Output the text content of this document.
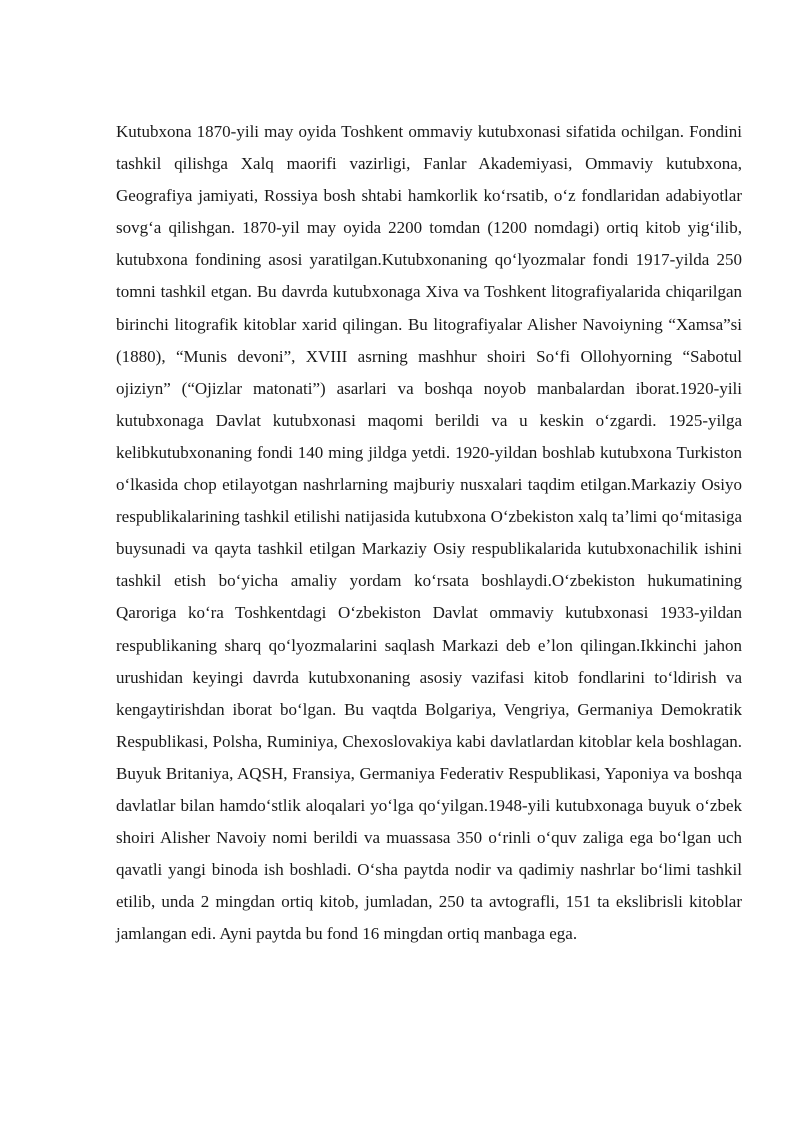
Kutubxona 1870-yili may oyida Toshkent ommaviy kutubxonasi sifatida ochilgan. Fondini tashkil qilishga Xalq maorifi vazirligi, Fanlar Akademiyasi, Ommaviy kutubxona, Geografiya jamiyati, Rossiya bosh shtabi hamkorlik koʻrsatib, oʻz fondlaridan adabiyotlar sovgʻa qilishgan. 1870-yil may oyida 2200 tomdan (1200 nomdagi) ortiq kitob yigʻilib, kutubxona fondining asosi yaratilgan.Kutubxonaning qoʻlyozmalar fondi 1917-yilda 250 tomni tashkil etgan. Bu davrda kutubxonaga Xiva va Toshkent litografiyalarida chiqarilgan birinchi litografik kitoblar xarid qilingan. Bu litografiyalar Alisher Navoiyning “Xamsa”si (1880), “Munis devoni”, XVIII asrning mashhur shoiri Soʻfi Ollohyorning “Sabotul ojiziyn” (“Ojizlar matonati”) asarlari va boshqa noyob manbalardan iborat.1920-yili kutubxonaga Davlat kutubxonasi maqomi berildi va u keskin oʻzgardi. 1925-yilga kelibkutubxonaning fondi 140 ming jildga yetdi. 1920-yildan boshlab kutubxona Turkiston oʻlkasida chop etilayotgan nashrlarning majburiy nusxalari taqdim etilgan.Markaziy Osiyo respublikalarining tashkil etilishi natijasida kutubxona Oʻzbekiston xalq taʼlimi qoʻmitasiga buysunadi va qayta tashkil etilgan Markaziy Osiy respublikalarida kutubxonachilik ishini tashkil etish boʻyicha amaliy yordam koʻrsata boshlaydi.Oʻzbekiston hukumatining Qaroriga koʻra Toshkentdagi Oʻzbekiston Davlat ommaviy kutubxonasi 1933-yildan respublikaning sharq qoʻlyozmalarini saqlash Markazi deb eʼlon qilingan.Ikkinchi jahon urushidan keyingi davrda kutubxonaning asosiy vazifasi kitob fondlarini toʻldirish va kengaytirishdan iborat boʻlgan. Bu vaqtda Bolgariya, Vengriya, Germaniya Demokratik Respublikasi, Polsha, Ruminiya, Chexoslovakiya kabi davlatlardan kitoblar kela boshlagan. Buyuk Britaniya, AQSH, Fransiya, Germaniya Federativ Respublikasi, Yaponiya va boshqa davlatlar bilan hamdoʻstlik aloqalari yoʻlga qoʻyilgan.1948-yili kutubxonaga buyuk oʻzbek shoiri Alisher Navoiy nomi berildi va muassasa 350 oʻrinli oʻquv zaliga ega boʻlgan uch qavatli yangi binoda ish boshladi. Oʻsha paytda nodir va qadimiy nashrlar boʻlimi tashkil etilib, unda 2 mingdan ortiq kitob, jumladan, 250 ta avtografli, 151 ta ekslibrisli kitoblar jamlangan edi. Ayni paytda bu fond 16 mingdan ortiq manbaga ega.
